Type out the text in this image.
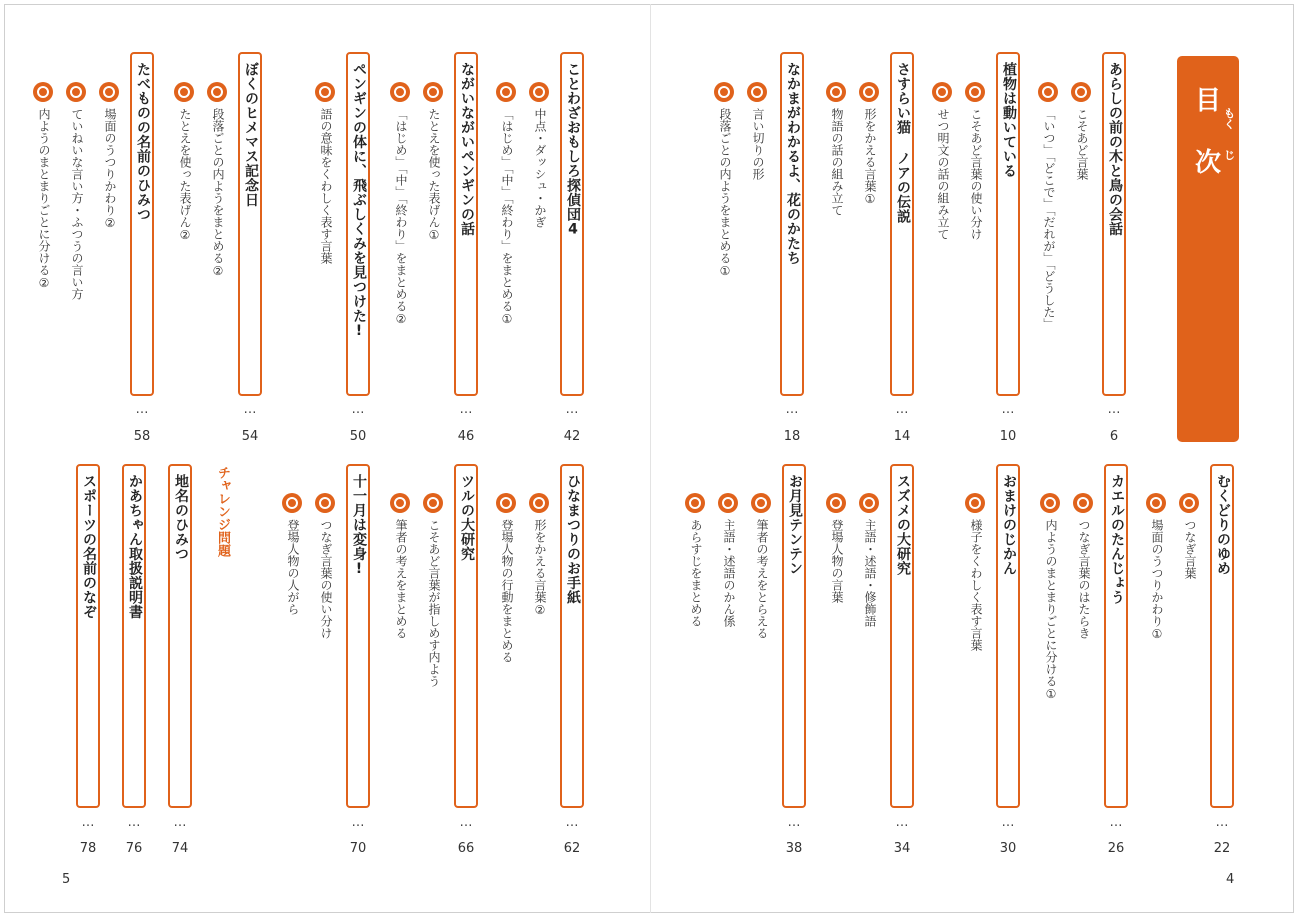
目 もく
次 じ
チャレンジ問題
あらしの前の木と鳥の会話
こそあど言葉
「いつ」「どこで」「だれが」「どうした」
…
6
植物は動いている
こそあど言葉の使い分け
せつ明文の話の組み立て
…
10
さすらい猫 ノアの伝説
形をかえる言葉①
物語の話の組み立て
…
14
なかまがわかるよ、花のかたち
言い切りの形
段落ごとの内ようをまとめる①
…
18
ことわざおもしろ探偵団4
中点・ダッシュ・かぎ
「はじめ」「中」「終わり」をまとめる①
…
42
ながいながいペンギンの話
たとえを使った表げん①
「はじめ」「中」「終わり」をまとめる②
…
46
ペンギンの体に、飛ぶしくみを見つけた!
語の意味をくわしく表す言葉
…
50
ぼくのヒメマス記念日
段落ごとの内ようをまとめる②
たとえを使った表げん②
…
54
たべものの名前のひみつ
場面のうつりかわり②
ていねいな言い方・ふつうの言い方
内ようのまとまりごとに分ける②
…
58
むくどりのゆめ
つなぎ言葉
場面のうつりかわり①
…
22
カエルのたんじょう
つなぎ言葉のはたらき
内ようのまとまりごとに分ける①
…
26
おまけのじかん
様子をくわしく表す言葉
…
30
スズメの大研究
主語・述語・修飾語
登場人物の言葉
…
34
お月見テンテン
筆者の考えをとらえる
主語・述語のかん係
あらすじをまとめる
…
38
ひなまつりのお手紙
形をかえる言葉②
登場人物の行動をまとめる
…
62
ツルの大研究
こそあど言葉が指しめす内よう
筆者の考えをまとめる
…
66
十一月は変身!
つなぎ言葉の使い分け
登場人物の人がら
…
70
地名のひみつ
…
74
かあちゃん取扱説明書
…
76
スポーツの名前のなぞ
…
78
5	4
